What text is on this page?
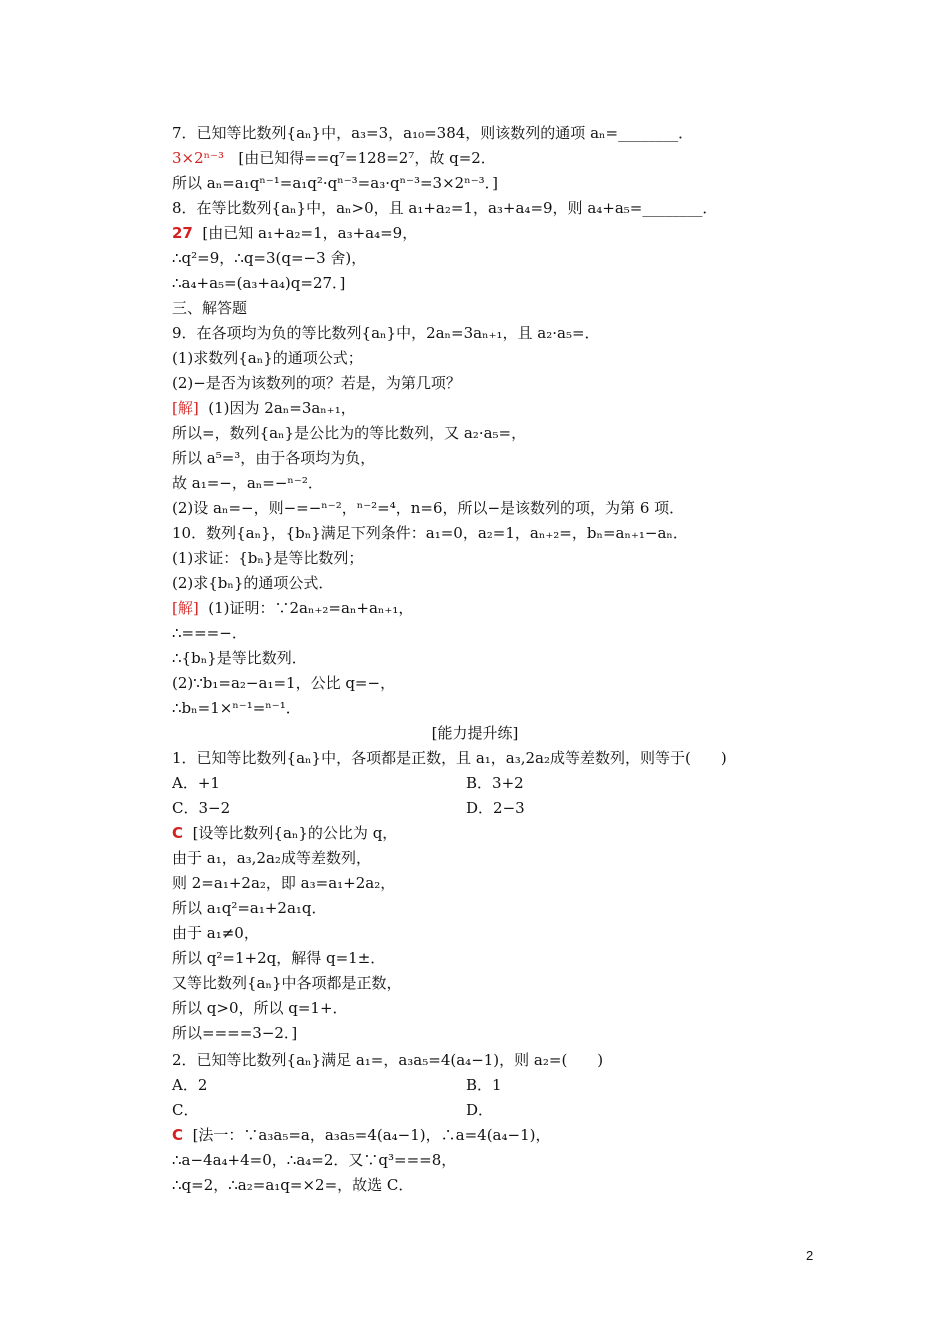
7．已知等比数列{aₙ}中，a₃=3，a₁₀=384，则该数列的通项 aₙ=________．
3×2ⁿ⁻³ [由已知得==q⁷=128=2⁷，故 q=2．
所以 aₙ=a₁qⁿ⁻¹=a₁q²·qⁿ⁻³=a₃·qⁿ⁻³=3×2ⁿ⁻³．]
8．在等比数列{aₙ}中，aₙ>0，且 a₁+a₂=1，a₃+a₄=9，则 a₄+a₅=________．
27 [由已知 a₁+a₂=1，a₃+a₄=9，
∴q²=9，∴q=3(q=−3 舍)，
∴a₄+a₅=(a₃+a₄)q=27．]
三、解答题
9．在各项均为负的等比数列{aₙ}中，2aₙ=3aₙ₊₁，且 a₂·a₅=．
(1)求数列{aₙ}的通项公式；
(2)−是否为该数列的项？若是，为第几项？
[解] (1)因为 2aₙ=3aₙ₊₁，
所以=，数列{aₙ}是公比为的等比数列，又 a₂·a₅=，
所以 a⁵=³，由于各项均为负，
故 a₁=−，aₙ=−ⁿ⁻²．
(2)设 aₙ=−，则−=−ⁿ⁻²，ⁿ⁻²=⁴，n=6，所以−是该数列的项，为第 6 项．
10．数列{aₙ}，{bₙ}满足下列条件：a₁=0，a₂=1，aₙ₊₂=，bₙ=aₙ₊₁−aₙ．
(1)求证：{bₙ}是等比数列；
(2)求{bₙ}的通项公式．
[解] (1)证明：∵2aₙ₊₂=aₙ+aₙ₊₁，
∴===−．
∴{bₙ}是等比数列．
(2)∵b₁=a₂−a₁=1，公比 q=−，
∴bₙ=1×ⁿ⁻¹=ⁿ⁻¹．
[能力提升练]
1．已知等比数列{aₙ}中，各项都是正数，且 a₁，a₃,2a₂成等差数列，则等于(　　)
A．+1	B．3+2
C．3−2	D．2−3
C [设等比数列{aₙ}的公比为 q，
由于 a₁，a₃,2a₂成等差数列，
则 2=a₁+2a₂，即 a₃=a₁+2a₂，
所以 a₁q²=a₁+2a₁q．
由于 a₁≠0，
所以 q²=1+2q，解得 q=1±．
又等比数列{aₙ}中各项都是正数，
所以 q>0，所以 q=1+．
所以====3−2．]
2．已知等比数列{aₙ}满足 a₁=，a₃a₅=4(a₄−1)，则 a₂=(　　)
A．2	B．1
C．	D．
C [法一：∵a₃a₅=a，a₃a₅=4(a₄−1)，∴a=4(a₄−1)，
∴a−4a₄+4=0，∴a₄=2．又∵q³===8，
∴q=2，∴a₂=a₁q=×2=，故选 C．
2
